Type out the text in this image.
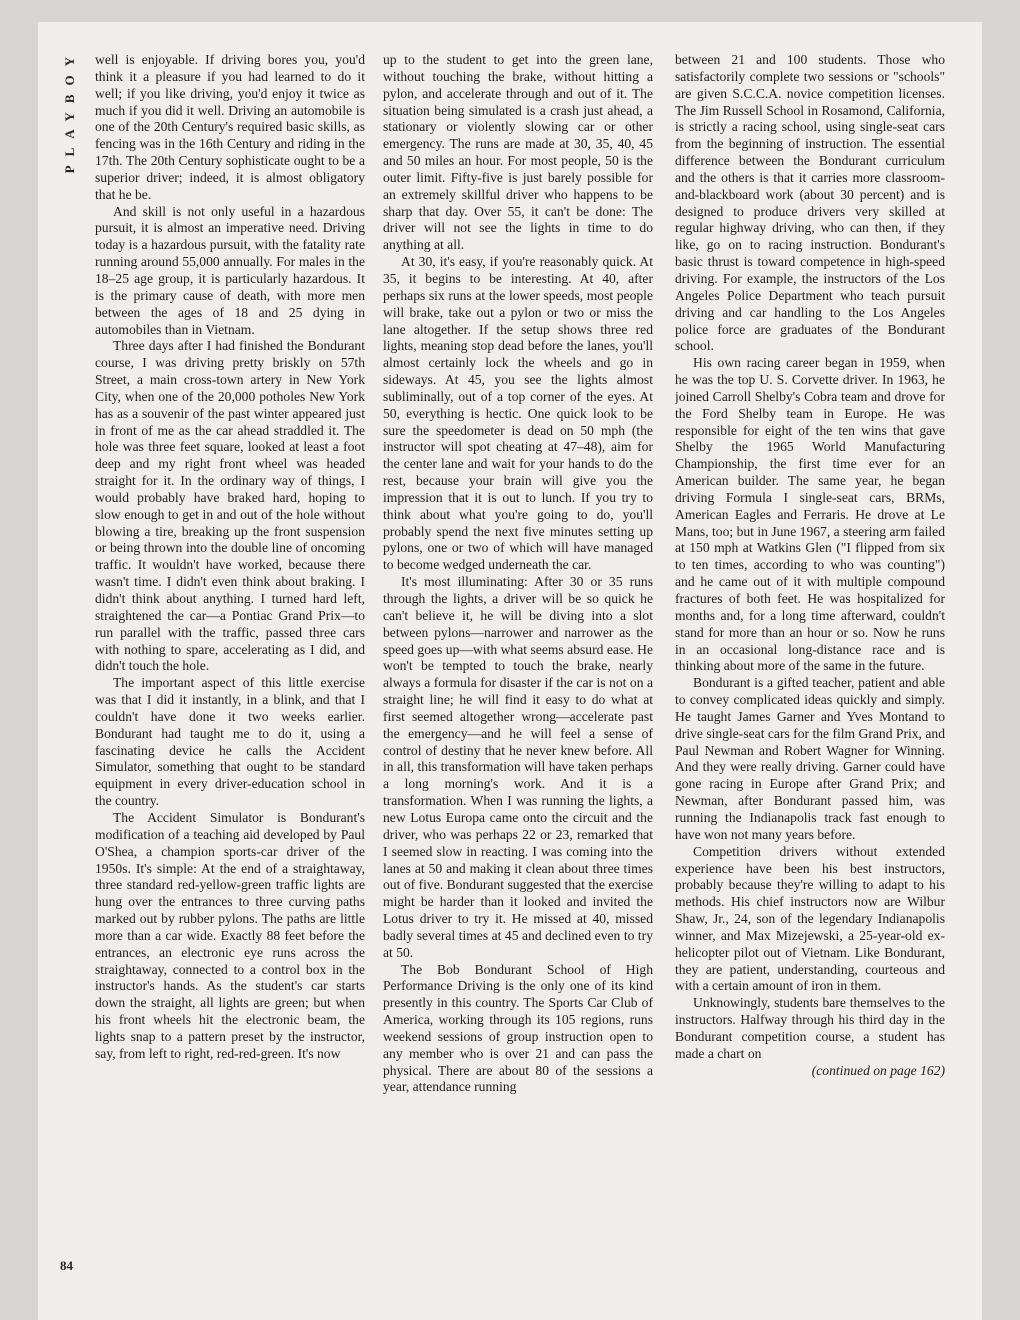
PLAYBOY
84

well is enjoyable. If driving bores you, you'd think it a pleasure if you had learned to do it well; if you like driving, you'd enjoy it twice as much if you did it well. Driving an automobile is one of the 20th Century's required basic skills, as fencing was in the 16th Century and riding in the 17th. The 20th Century sophisticate ought to be a superior driver; indeed, it is almost obligatory that he be.

And skill is not only useful in a hazardous pursuit, it is almost an imperative need. Driving today is a hazardous pursuit, with the fatality rate running around 55,000 annually. For males in the 18–25 age group, it is particularly hazardous. It is the primary cause of death, with more men between the ages of 18 and 25 dying in automobiles than in Vietnam.

Three days after I had finished the Bondurant course, I was driving pretty briskly on 57th Street, a main cross-town artery in New York City, when one of the 20,000 potholes New York has as a souvenir of the past winter appeared just in front of me as the car ahead straddled it. The hole was three feet square, looked at least a foot deep and my right front wheel was headed straight for it. In the ordinary way of things, I would probably have braked hard, hoping to slow enough to get in and out of the hole without blowing a tire, breaking up the front suspension or being thrown into the double line of oncoming traffic. It wouldn't have worked, because there wasn't time. I didn't even think about braking. I didn't think about anything. I turned hard left, straightened the car—a Pontiac Grand Prix—to run parallel with the traffic, passed three cars with nothing to spare, accelerating as I did, and didn't touch the hole.

The important aspect of this little exercise was that I did it instantly, in a blink, and that I couldn't have done it two weeks earlier. Bondurant had taught me to do it, using a fascinating device he calls the Accident Simulator, something that ought to be standard equipment in every driver-education school in the country.

The Accident Simulator is Bondurant's modification of a teaching aid developed by Paul O'Shea, a champion sports-car driver of the 1950s. It's simple: At the end of a straightaway, three standard red-yellow-green traffic lights are hung over the entrances to three curving paths marked out by rubber pylons. The paths are little more than a car wide. Exactly 88 feet before the entrances, an electronic eye runs across the straightaway, connected to a control box in the instructor's hands. As the student's car starts down the straight, all lights are green; but when his front wheels hit the electronic beam, the lights snap to a pattern preset by the instructor, say, from left to right, red-red-green. It's now

up to the student to get into the green lane, without touching the brake, without hitting a pylon, and accelerate through and out of it. The situation being simulated is a crash just ahead, a stationary or violently slowing car or other emergency. The runs are made at 30, 35, 40, 45 and 50 miles an hour. For most people, 50 is the outer limit. Fifty-five is just barely possible for an extremely skillful driver who happens to be sharp that day. Over 55, it can't be done: The driver will not see the lights in time to do anything at all.

At 30, it's easy, if you're reasonably quick. At 35, it begins to be interesting. At 40, after perhaps six runs at the lower speeds, most people will brake, take out a pylon or two or miss the lane altogether. If the setup shows three red lights, meaning stop dead before the lanes, you'll almost certainly lock the wheels and go in sideways. At 45, you see the lights almost subliminally, out of a top corner of the eyes. At 50, everything is hectic. One quick look to be sure the speedometer is dead on 50 mph (the instructor will spot cheating at 47–48), aim for the center lane and wait for your hands to do the rest, because your brain will give you the impression that it is out to lunch. If you try to think about what you're going to do, you'll probably spend the next five minutes setting up pylons, one or two of which will have managed to become wedged underneath the car.

It's most illuminating: After 30 or 35 runs through the lights, a driver will be so quick he can't believe it, he will be diving into a slot between pylons—narrower and narrower as the speed goes up—with what seems absurd ease. He won't be tempted to touch the brake, nearly always a formula for disaster if the car is not on a straight line; he will find it easy to do what at first seemed altogether wrong—accelerate past the emergency—and he will feel a sense of control of destiny that he never knew before. All in all, this transformation will have taken perhaps a long morning's work. And it is a transformation. When I was running the lights, a new Lotus Europa came onto the circuit and the driver, who was perhaps 22 or 23, remarked that I seemed slow in reacting. I was coming into the lanes at 50 and making it clean about three times out of five. Bondurant suggested that the exercise might be harder than it looked and invited the Lotus driver to try it. He missed at 40, missed badly several times at 45 and declined even to try at 50.

The Bob Bondurant School of High Performance Driving is the only one of its kind presently in this country. The Sports Car Club of America, working through its 105 regions, runs weekend sessions of group instruction open to any member who is over 21 and can pass the physical. There are about 80 of the sessions a year, attendance running

between 21 and 100 students. Those who satisfactorily complete two sessions or "schools" are given S.C.C.A. novice competition licenses. The Jim Russell School in Rosamond, California, is strictly a racing school, using single-seat cars from the beginning of instruction. The essential difference between the Bondurant curriculum and the others is that it carries more classroom-and-blackboard work (about 30 percent) and is designed to produce drivers very skilled at regular highway driving, who can then, if they like, go on to racing instruction. Bondurant's basic thrust is toward competence in high-speed driving. For example, the instructors of the Los Angeles Police Department who teach pursuit driving and car handling to the Los Angeles police force are graduates of the Bondurant school.

His own racing career began in 1959, when he was the top U. S. Corvette driver. In 1963, he joined Carroll Shelby's Cobra team and drove for the Ford Shelby team in Europe. He was responsible for eight of the ten wins that gave Shelby the 1965 World Manufacturing Championship, the first time ever for an American builder. The same year, he began driving Formula I single-seat cars, BRMs, American Eagles and Ferraris. He drove at Le Mans, too; but in June 1967, a steering arm failed at 150 mph at Watkins Glen ("I flipped from six to ten times, according to who was counting") and he came out of it with multiple compound fractures of both feet. He was hospitalized for months and, for a long time afterward, couldn't stand for more than an hour or so. Now he runs in an occasional long-distance race and is thinking about more of the same in the future.

Bondurant is a gifted teacher, patient and able to convey complicated ideas quickly and simply. He taught James Garner and Yves Montand to drive single-seat cars for the film Grand Prix, and Paul Newman and Robert Wagner for Winning. And they were really driving. Garner could have gone racing in Europe after Grand Prix; and Newman, after Bondurant passed him, was running the Indianapolis track fast enough to have won not many years before.

Competition drivers without extended experience have been his best instructors, probably because they're willing to adapt to his methods. His chief instructors now are Wilbur Shaw, Jr., 24, son of the legendary Indianapolis winner, and Max Mizejewski, a 25-year-old ex-helicopter pilot out of Vietnam. Like Bondurant, they are patient, understanding, courteous and with a certain amount of iron in them.

Unknowingly, students bare themselves to the instructors. Halfway through his third day in the Bondurant competition course, a student has made a chart on

(continued on page 162)
